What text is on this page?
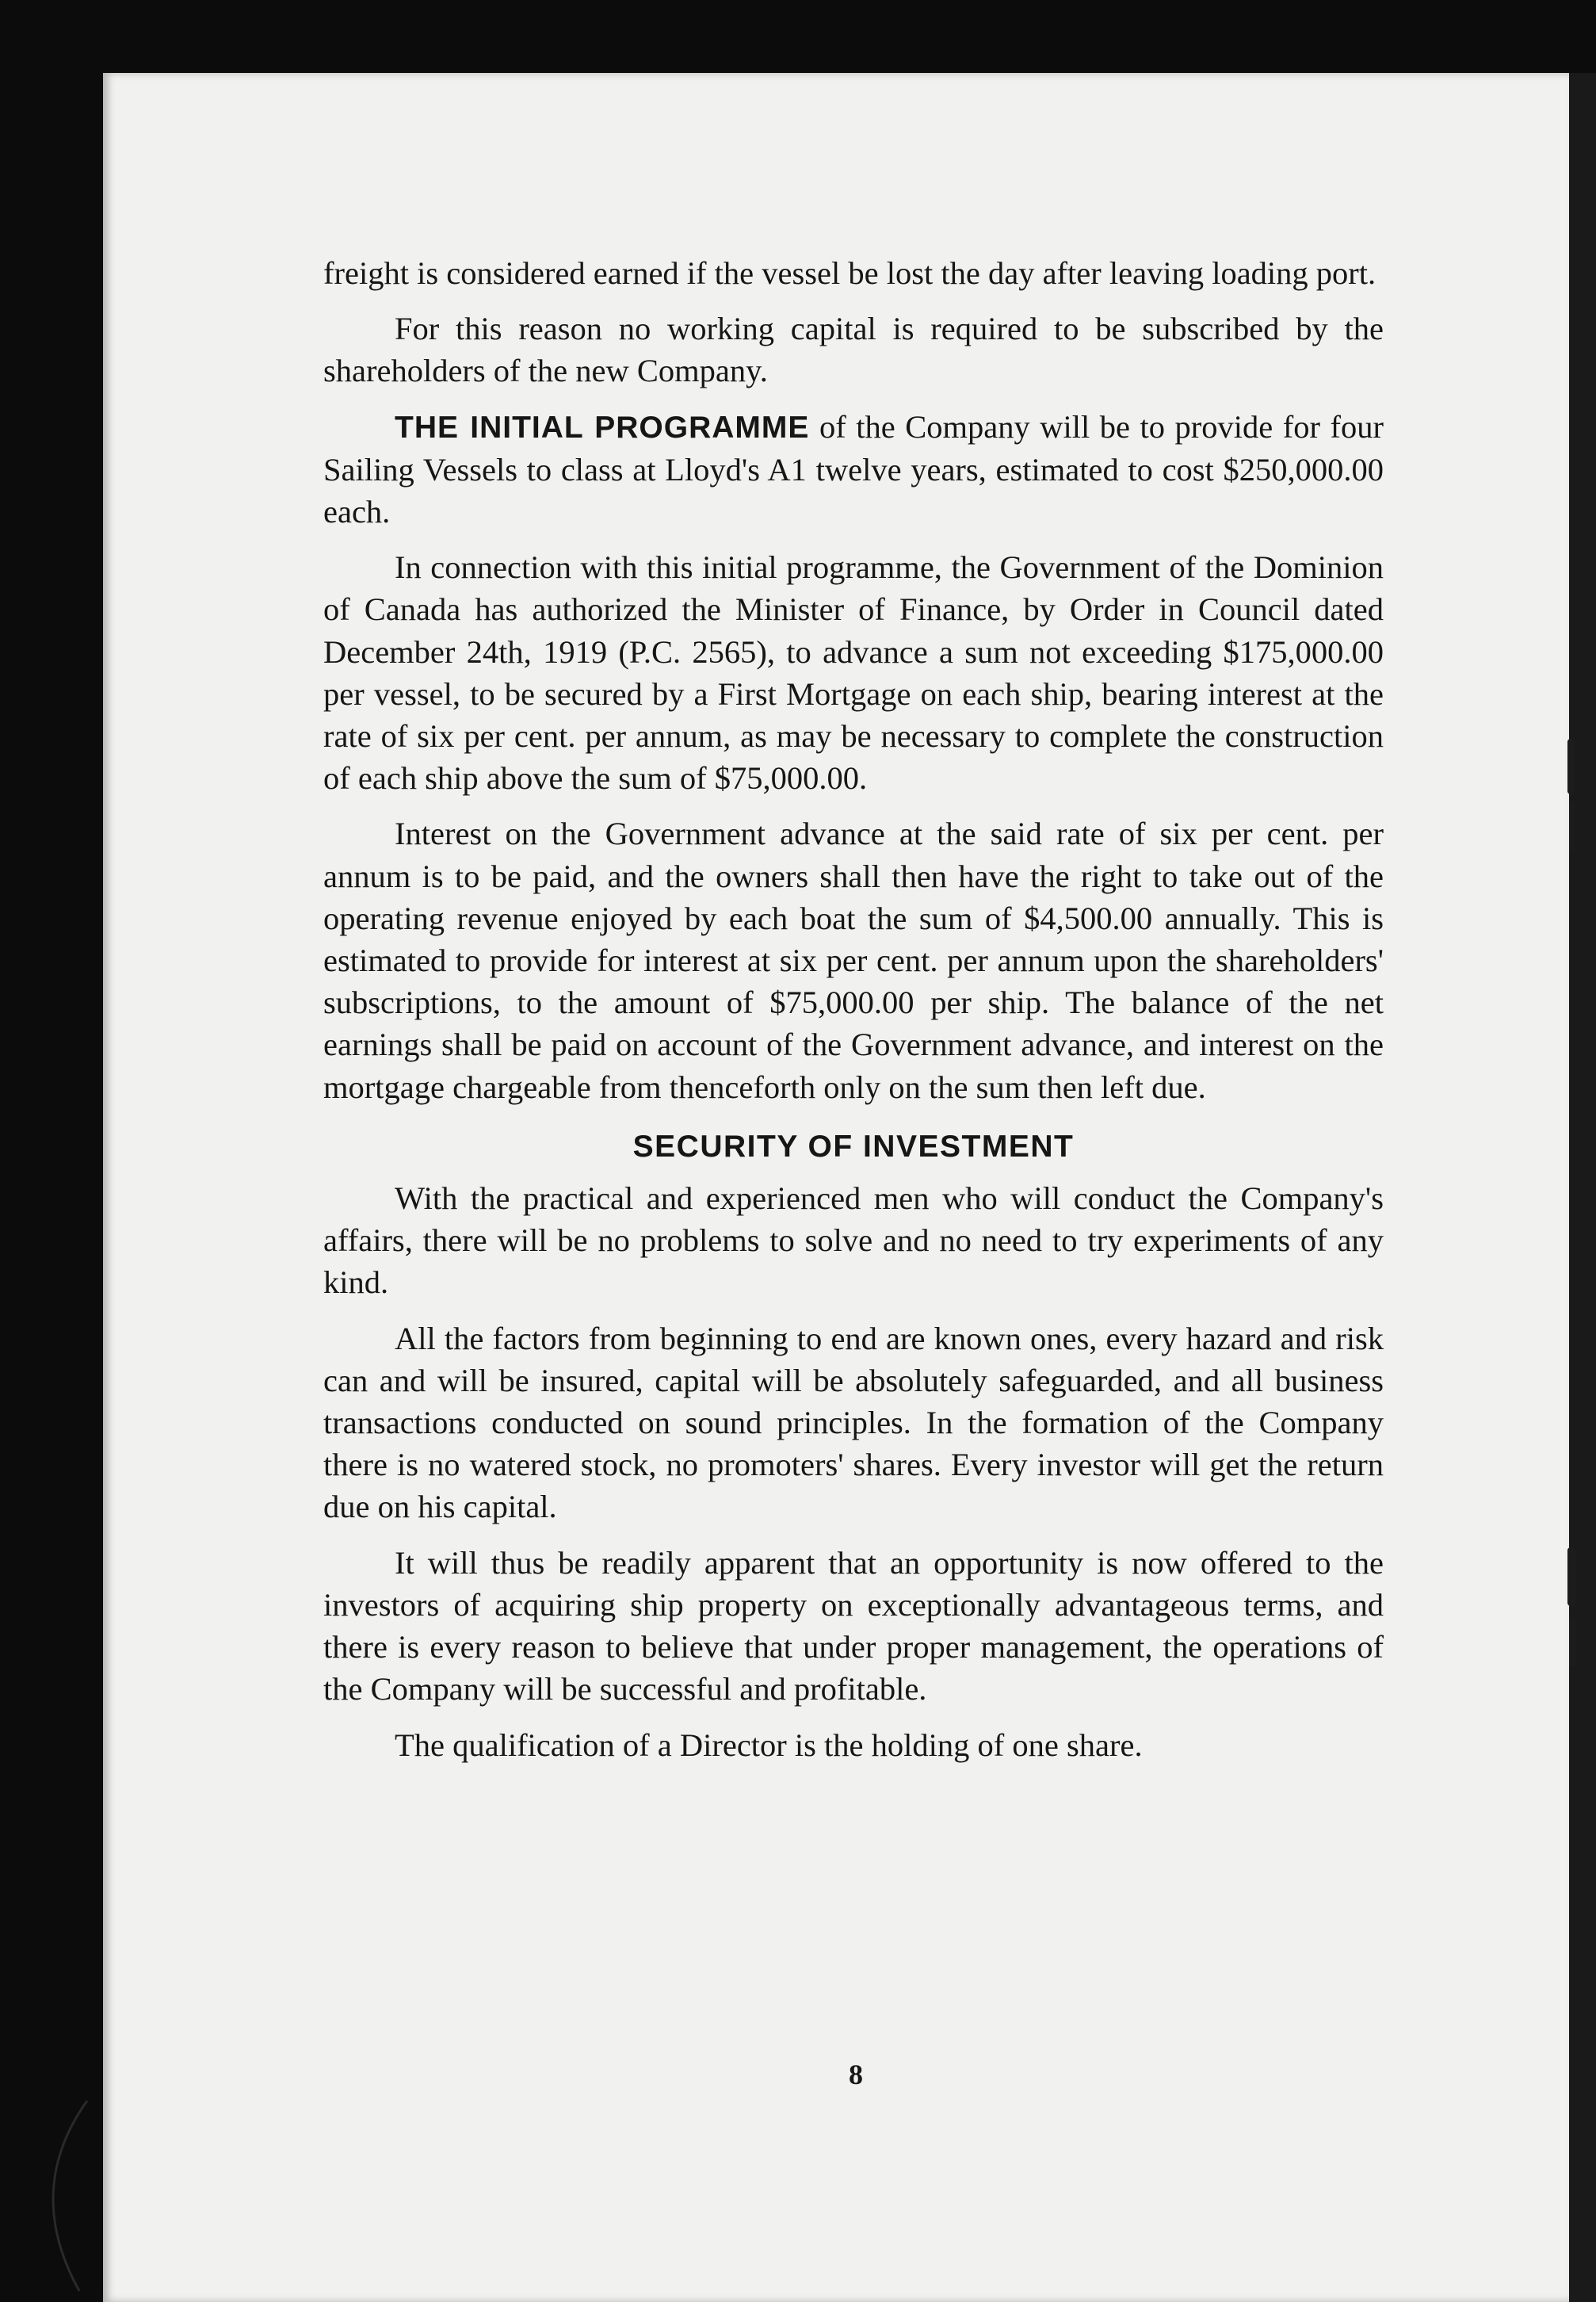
freight is considered earned if the vessel be lost the day after leaving loading port.

For this reason no working capital is required to be subscribed by the shareholders of the new Company.

THE INITIAL PROGRAMME of the Company will be to provide for four Sailing Vessels to class at Lloyd's A1 twelve years, estimated to cost $250,000.00 each.

In connection with this initial programme, the Government of the Dominion of Canada has authorized the Minister of Finance, by Order in Council dated December 24th, 1919 (P.C. 2565), to advance a sum not exceeding $175,000.00 per vessel, to be secured by a First Mortgage on each ship, bearing interest at the rate of six per cent. per annum, as may be necessary to complete the construction of each ship above the sum of $75,000.00.

Interest on the Government advance at the said rate of six per cent. per annum is to be paid, and the owners shall then have the right to take out of the operating revenue enjoyed by each boat the sum of $4,500.00 annually. This is estimated to provide for interest at six per cent. per annum upon the shareholders' subscriptions, to the amount of $75,000.00 per ship. The balance of the net earnings shall be paid on account of the Government advance, and interest on the mortgage chargeable from thenceforth only on the sum then left due.

SECURITY OF INVESTMENT

With the practical and experienced men who will conduct the Company's affairs, there will be no problems to solve and no need to try experiments of any kind.

All the factors from beginning to end are known ones, every hazard and risk can and will be insured, capital will be absolutely safeguarded, and all business transactions conducted on sound principles. In the formation of the Company there is no watered stock, no promoters' shares. Every investor will get the return due on his capital.

It will thus be readily apparent that an opportunity is now offered to the investors of acquiring ship property on exceptionally advantageous terms, and there is every reason to believe that under proper management, the operations of the Company will be successful and profitable.

The qualification of a Director is the holding of one share.

8
